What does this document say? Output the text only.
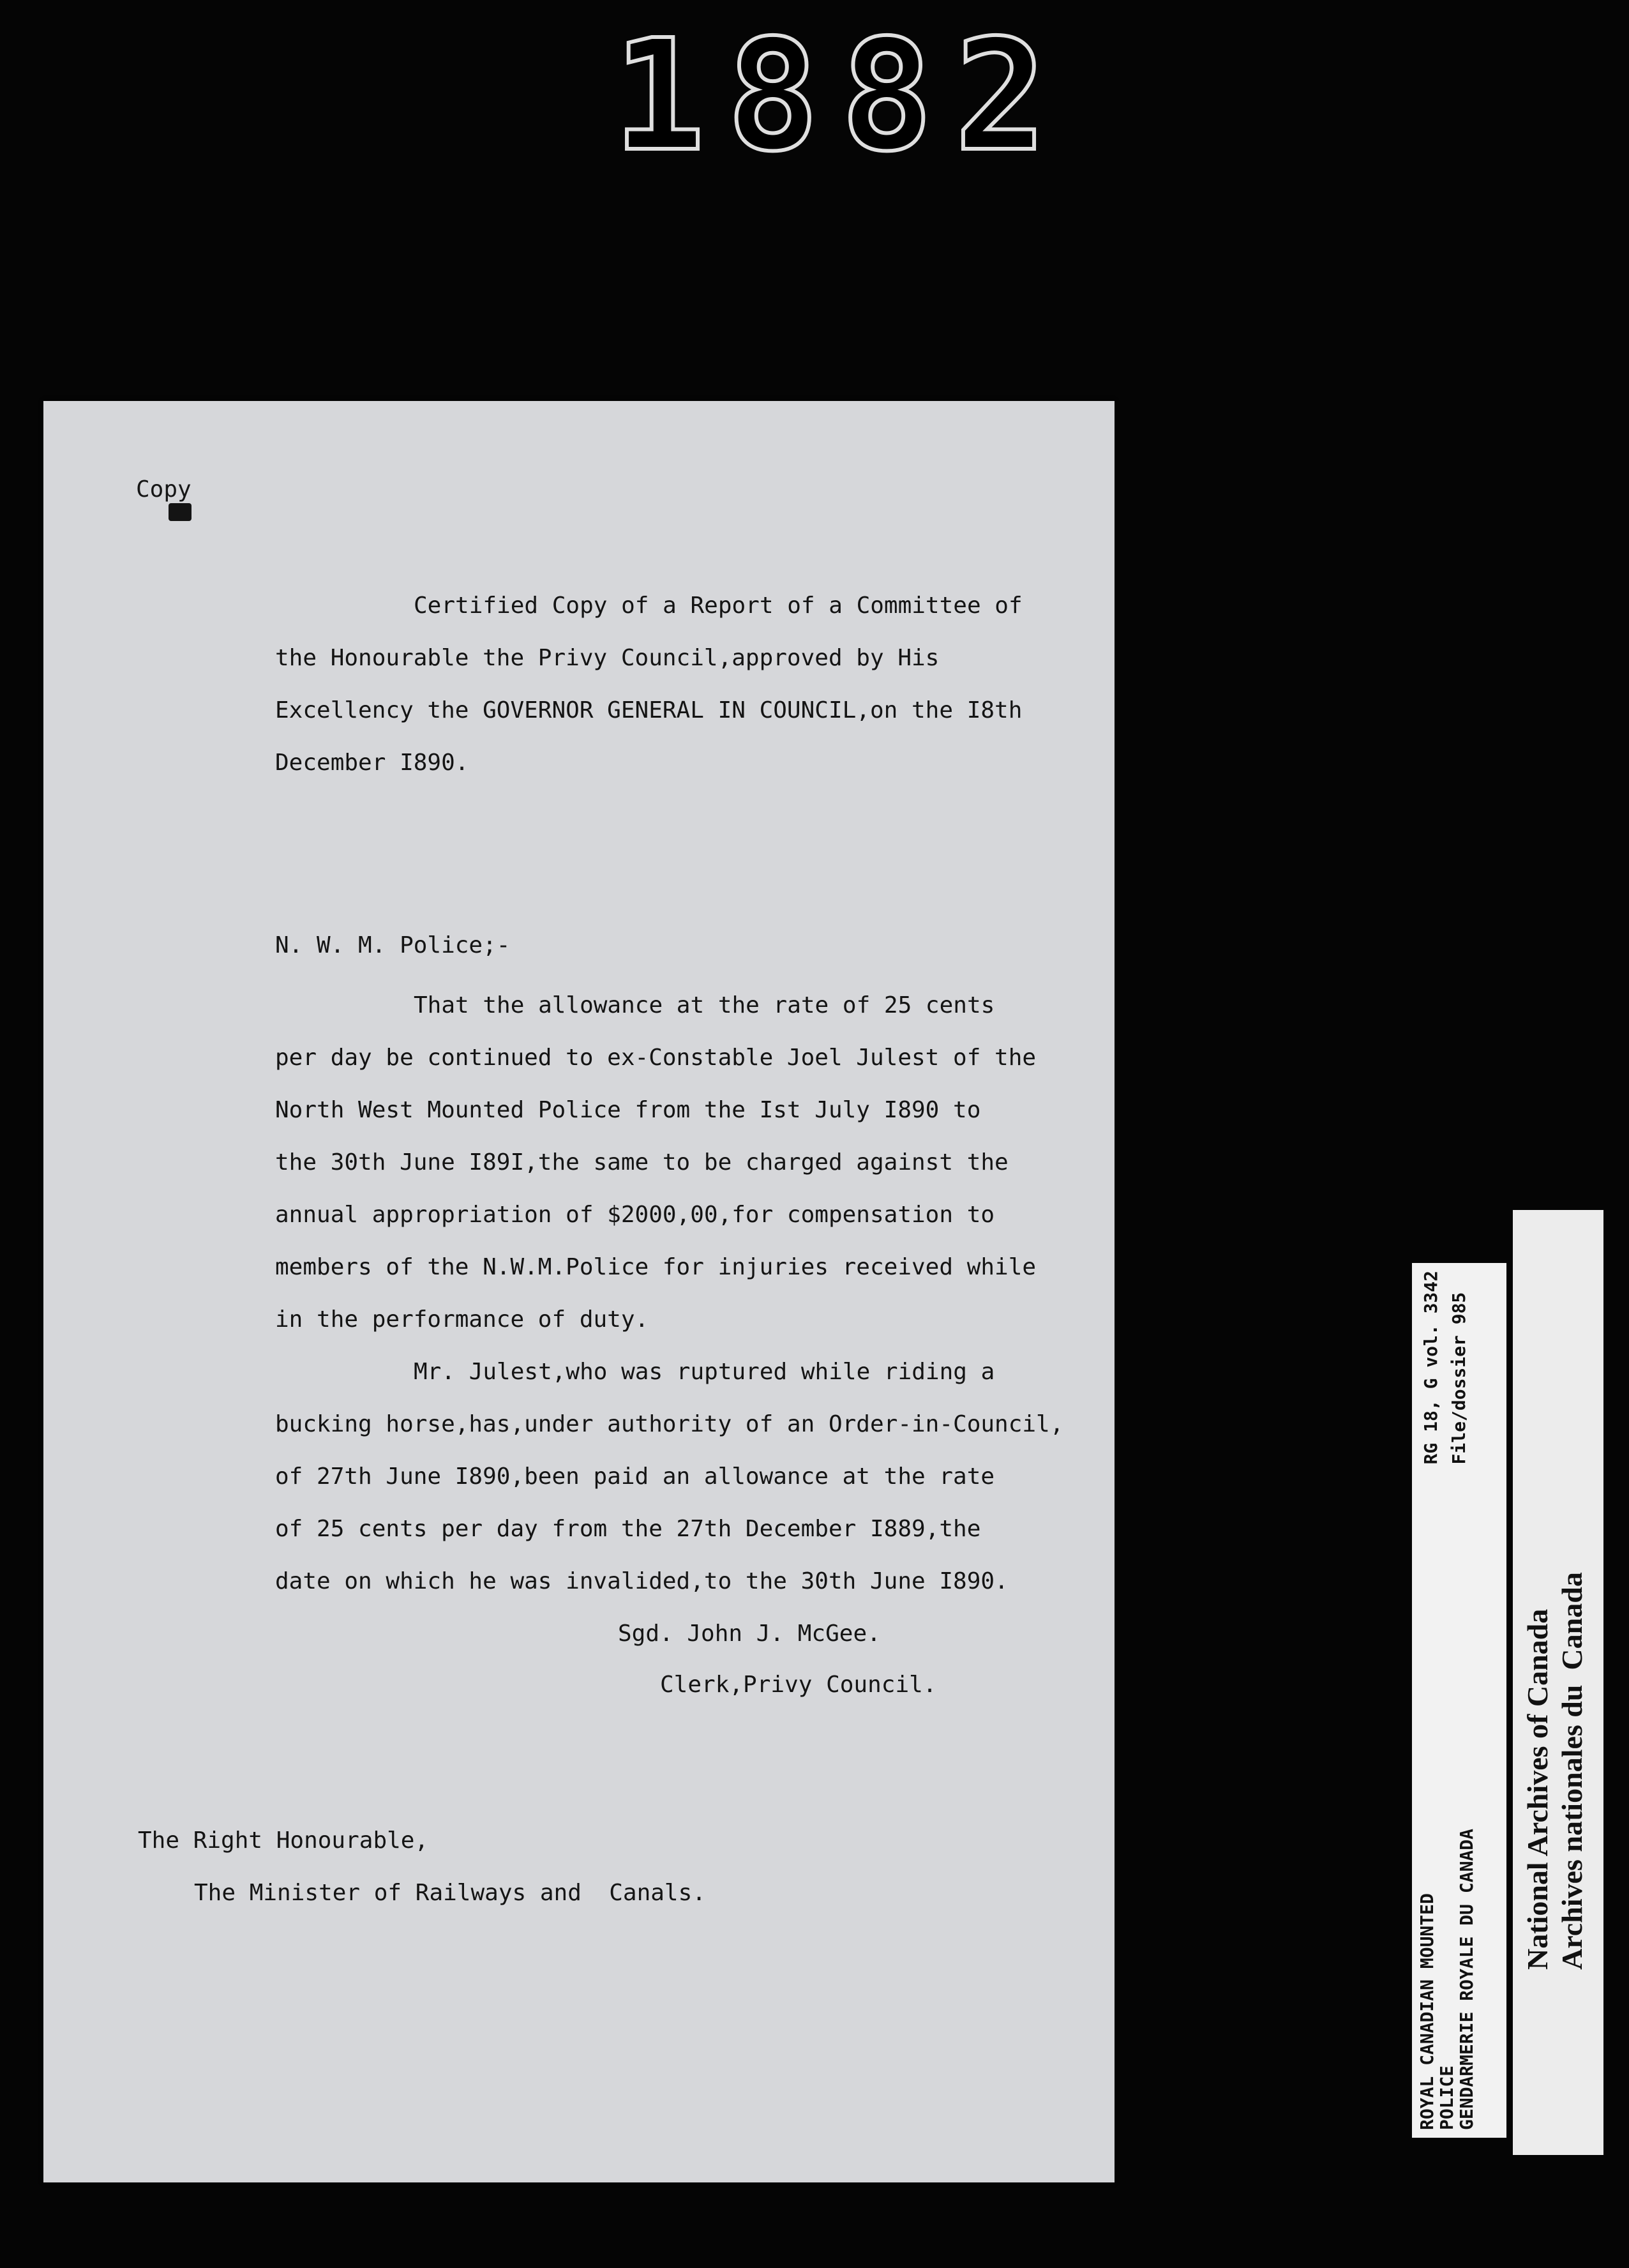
1882
Copy

Certified Copy of a Report of a Committee of

the Honourable the Privy Council,approved by His

Excellency the GOVERNOR GENERAL IN COUNCIL,on the I8th

December I890.

N. W. M. Police;-

That the allowance at the rate of 25 cents

per day be continued to ex-Constable Joel Julest of the

North West Mounted Police from the Ist July I890 to

the 30th June I89I,the same to be charged against the

annual appropriation of $2000,00,for compensation to

members of the N.W.M.Police for injuries received while

in the performance of duty.

Mr. Julest,who was ruptured while riding a

bucking horse,has,under authority of an Order-in-Council,

of 27th June I890,been paid an allowance at the rate

of 25 cents per day from the 27th December I889,the

date on which he was invalided,to the 30th June I890.

Sgd. John J. McGee.

Clerk,Privy Council.

The Right Honourable,

The Minister of Railways and  Canals.

ROYAL CANADIAN MOUNTED
POLICE
GENDARMERIE ROYALE DU CANADA
RG 18, G vol. 3342 File/dossier 985
National Archives of Canada
Archives nationales du  Canada
